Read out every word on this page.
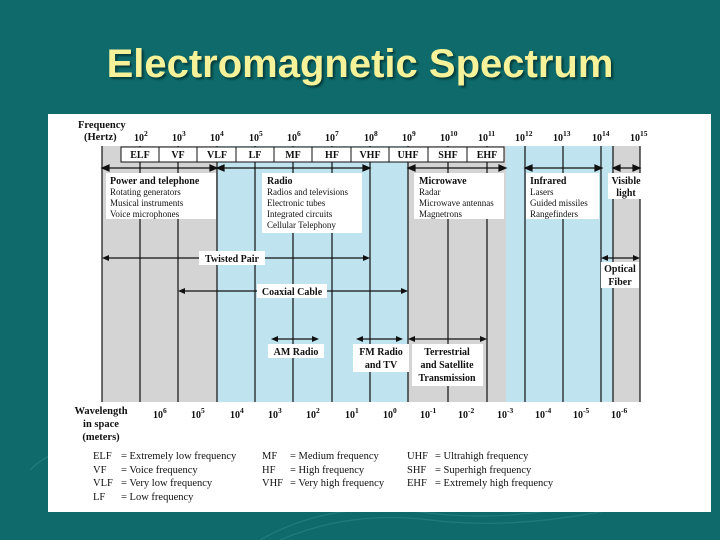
Electromagnetic Spectrum
Frequency
(Hertz) $10^2$ $10^3$ $10^4$	$10^5$ $10^6$ $10^7$	$10^8$ $10^9$ $10^{10}$ $10^{11}$ $10^{12}$ $10^{13}$ $10^{14}$ $10^{15}$
ELF VF VLF LF MF HF VHF UHF SHF EHF
Power and telephone
Rotating generators
Musical instruments
Voice microphones
Radio
Radios and televisions
Electronic tubes
Integrated circuits
Cellular Telephony
Microwave
Radar
Microwave antennas
Magnetrons
Infrared
Lasers
Guided missiles
Rangefinders
Visible
light
Twisted Pair
Optical
Fiber
Coaxial Cable
AM Radio	FM Radio
and TV
Terrestrial
and Satellite
Transmission
Wavelength
in space
(meters)
$10^6$ $10^5$	$10^4$ $10^3$ $10^2$	$10^1$ $10^0$ $10^{-1}$ $10^{-2}$ $10^{-3}$ $10^{-4}$ $10^{-5}$ $10^{-6}$
ELF = Extremely low frequency
VF = Voice frequency
VLF = Very low frequency
LF = Low frequency
MF = Medium frequency
HF = High frequency
VHF = Very high frequency
UHF = Ultrahigh frequency
SHF = Superhigh frequency
EHF = Extremely high frequency
